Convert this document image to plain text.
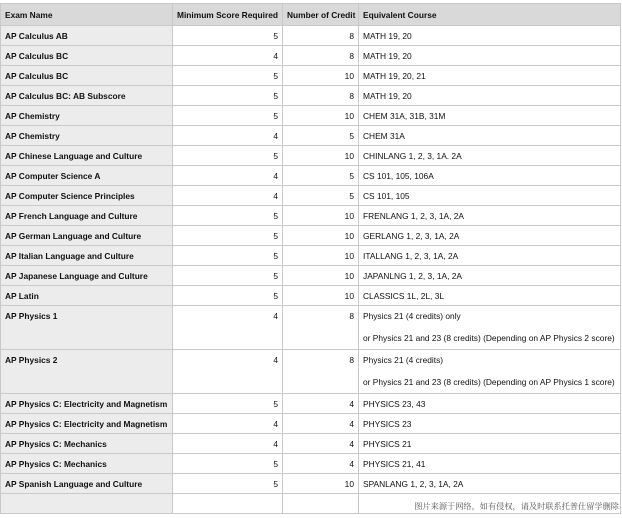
Exam Name	Minimum Score Required	Number of Credit	Equivalent Course
AP Calculus AB	5	8	MATH 19, 20
AP Calculus BC	4	8	MATH 19, 20
AP Calculus BC	5	10	MATH 19, 20, 21
AP Calculus BC: AB Subscore	5	8	MATH 19, 20
AP Chemistry	5	10	CHEM 31A, 31B, 31M
AP Chemistry	4	5	CHEM 31A
AP Chinese Language and Culture	5	10	CHINLANG 1, 2, 3, 1A. 2A
AP Computer Science A	4	5	CS 101, 105, 106A
AP Computer Science Principles	4	5	CS 101, 105
AP French Language and Culture	5	10	FRENLANG 1, 2, 3, 1A, 2A
AP German Language and Culture	5	10	GERLANG 1, 2, 3, 1A, 2A
AP Italian Language and Culture	5	10	ITALLANG 1, 2, 3, 1A, 2A
AP Japanese Language and Culture	5	10	JAPANLNG 1, 2, 3, 1A, 2A
AP Latin	5	10	CLASSICS 1L, 2L, 3L
AP Physics 1	4	8	Physics 21 (4 credits) only
or Physics 21 and 23 (8 credits) (Depending on AP Physics 2 score)

AP Physics 2	4	8	Physics 21 (4 credits)
or Physics 21 and 23 (8 credits) (Depending on AP Physics 1 score)

AP Physics C: Electricity and Magnetism	5	4	PHYSICS 23, 43
AP Physics C: Electricity and Magnetism	4	4	PHYSICS 23
AP Physics C: Mechanics	4	4	PHYSICS 21
AP Physics C: Mechanics	5	4	PHYSICS 21, 41
AP Spanish Language and Culture	5	10	SPANLANG 1, 2, 3, 1A, 2A

图片来源于网络，如有侵权，请及时联系托普仕留学删除
